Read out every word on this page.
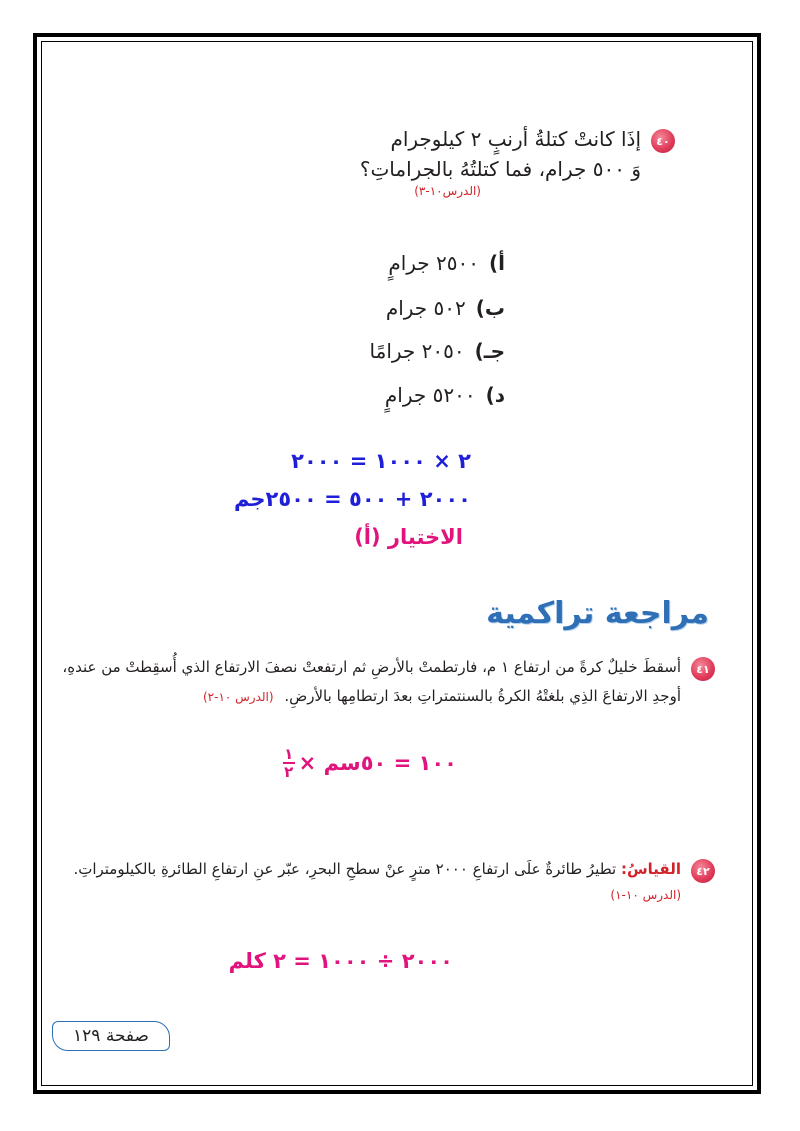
٤٠
إذَا كانتْ كتلةُ أرنبٍ ٢ كيلوجرام
وَ ٥٠٠ جرام، فما كتلتُهُ بالجراماتِ؟
(الدرس١٠-٣)
أ)٢٥٠٠ جرامٍ
ب)٥٠٢ جرام
جـ)٢٠٥٠ جرامًا
د)٥٢٠٠ جرامٍ
٢ × ١٠٠٠ = ٢٠٠٠
٢٠٠٠ + ٥٠٠ = ٢٥٠٠جم
الاختيار (أ)
مراجعة تراكمية
٤١
أسقطَ خليلٌ كرةً من ارتفاع ١ م، فارتطمتْ بالأرضِ ثم ارتفعتْ نصفَ الارتفاع الذي أُسقِطتْ من عندهِ،
أوجدِ الارتفاعَ الذِي بلغتْهُ الكرةُ بالسنتمتراتِ بعدَ ارتطامِها بالأرضِ. (الدرس ١٠-٢)
$\frac{١}{٢}$ × ١٠٠ = ٥٠سم
٤٢
القياسُ: تطيرُ طائرةٌ علَى ارتفاعِ ٢٠٠٠ مترٍ عنْ سطحِ البحرِ، عبّر عنِ ارتفاعِ الطائرةِ بالكيلومتراتِ.
(الدرس ١٠-١)
٢٠٠٠ ÷ ١٠٠٠ = ٢ كلم
صفحة ١٢٩
